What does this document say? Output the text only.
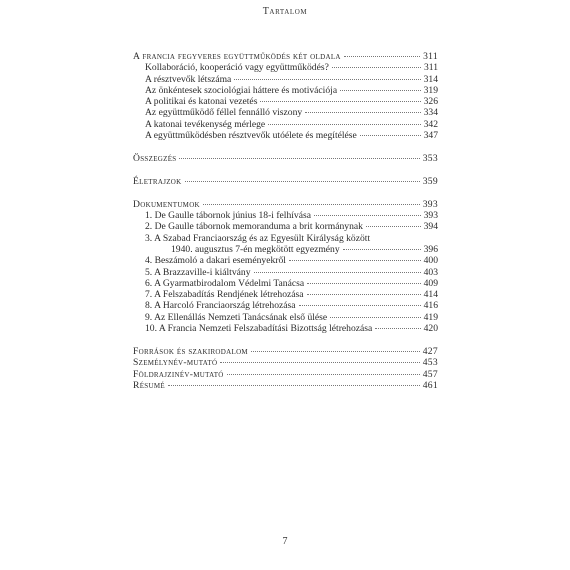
Tartalom
A francia fegyveres együttműködés két oldala	311
Kollaboráció, kooperáció vagy együttműködés?	311
A résztvevők létszáma	314
Az önkéntesek szociológiai háttere és motivációja	319
A politikai és katonai vezetés	326
Az együttműködő féllel fennálló viszony	334
A katonai tevékenység mérlege	342
A együttműködésben résztvevők utóélete és megítélése	347
Összegzés	353
Életrajzok	359
Dokumentumok	393
1. De Gaulle tábornok június 18-i felhívása	393
2. De Gaulle tábornok memoranduma a brit kormánynak	394
3. A Szabad Franciaország és az Egyesült Királyság között
1940. augusztus 7-én megkötött egyezmény	396
4. Beszámoló a dakari eseményekről	400
5. A Brazzaville-i kiáltvány	403
6. A Gyarmatbirodalom Védelmi Tanácsa	409
7. A Felszabadítás Rendjének létrehozása	414
8. A Harcoló Franciaország létrehozása	416
9. Az Ellenállás Nemzeti Tanácsának első ülése	419
10. A Francia Nemzeti Felszabadítási Bizottság létrehozása	420
Források és szakirodalom	427
Személynév-mutató	453
Földrajzinév-mutató	457
Résumé	461
7
